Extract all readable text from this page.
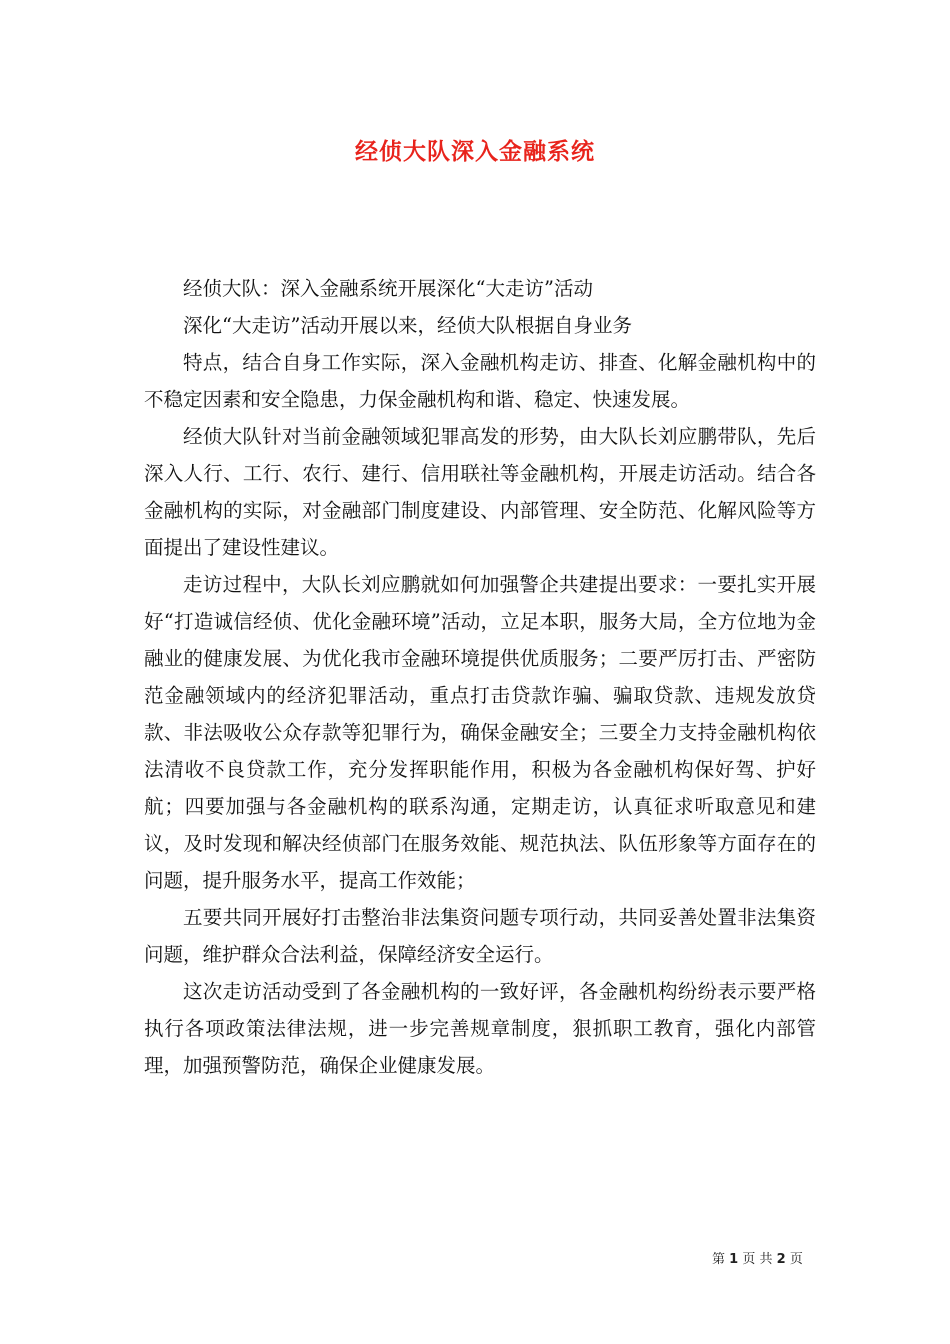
经侦大队深入金融系统

经侦大队：深入金融系统开展深化“大走访”活动

深化“大走访”活动开展以来，经侦大队根据自身业务

特点，结合自身工作实际，深入金融机构走访、排查、化解金融机构中的不稳定因素和安全隐患，力保金融机构和谐、稳定、快速发展。

经侦大队针对当前金融领域犯罪高发的形势，由大队长刘应鹏带队，先后深入人行、工行、农行、建行、信用联社等金融机构，开展走访活动。结合各金融机构的实际，对金融部门制度建设、内部管理、安全防范、化解风险等方面提出了建设性建议。

走访过程中，大队长刘应鹏就如何加强警企共建提出要求：一要扎实开展好“打造诚信经侦、优化金融环境”活动，立足本职，服务大局，全方位地为金融业的健康发展、为优化我市金融环境提供优质服务；二要严厉打击、严密防范金融领域内的经济犯罪活动，重点打击贷款诈骗、骗取贷款、违规发放贷款、非法吸收公众存款等犯罪行为，确保金融安全；三要全力支持金融机构依法清收不良贷款工作，充分发挥职能作用，积极为各金融机构保好驾、护好航；四要加强与各金融机构的联系沟通，定期走访，认真征求听取意见和建议，及时发现和解决经侦部门在服务效能、规范执法、队伍形象等方面存在的问题，提升服务水平，提高工作效能；

五要共同开展好打击整治非法集资问题专项行动，共同妥善处置非法集资问题，维护群众合法利益，保障经济安全运行。

这次走访活动受到了各金融机构的一致好评，各金融机构纷纷表示要严格执行各项政策法律法规，进一步完善规章制度，狠抓职工教育，强化内部管理，加强预警防范，确保企业健康发展。

第 1 页 共 2 页
